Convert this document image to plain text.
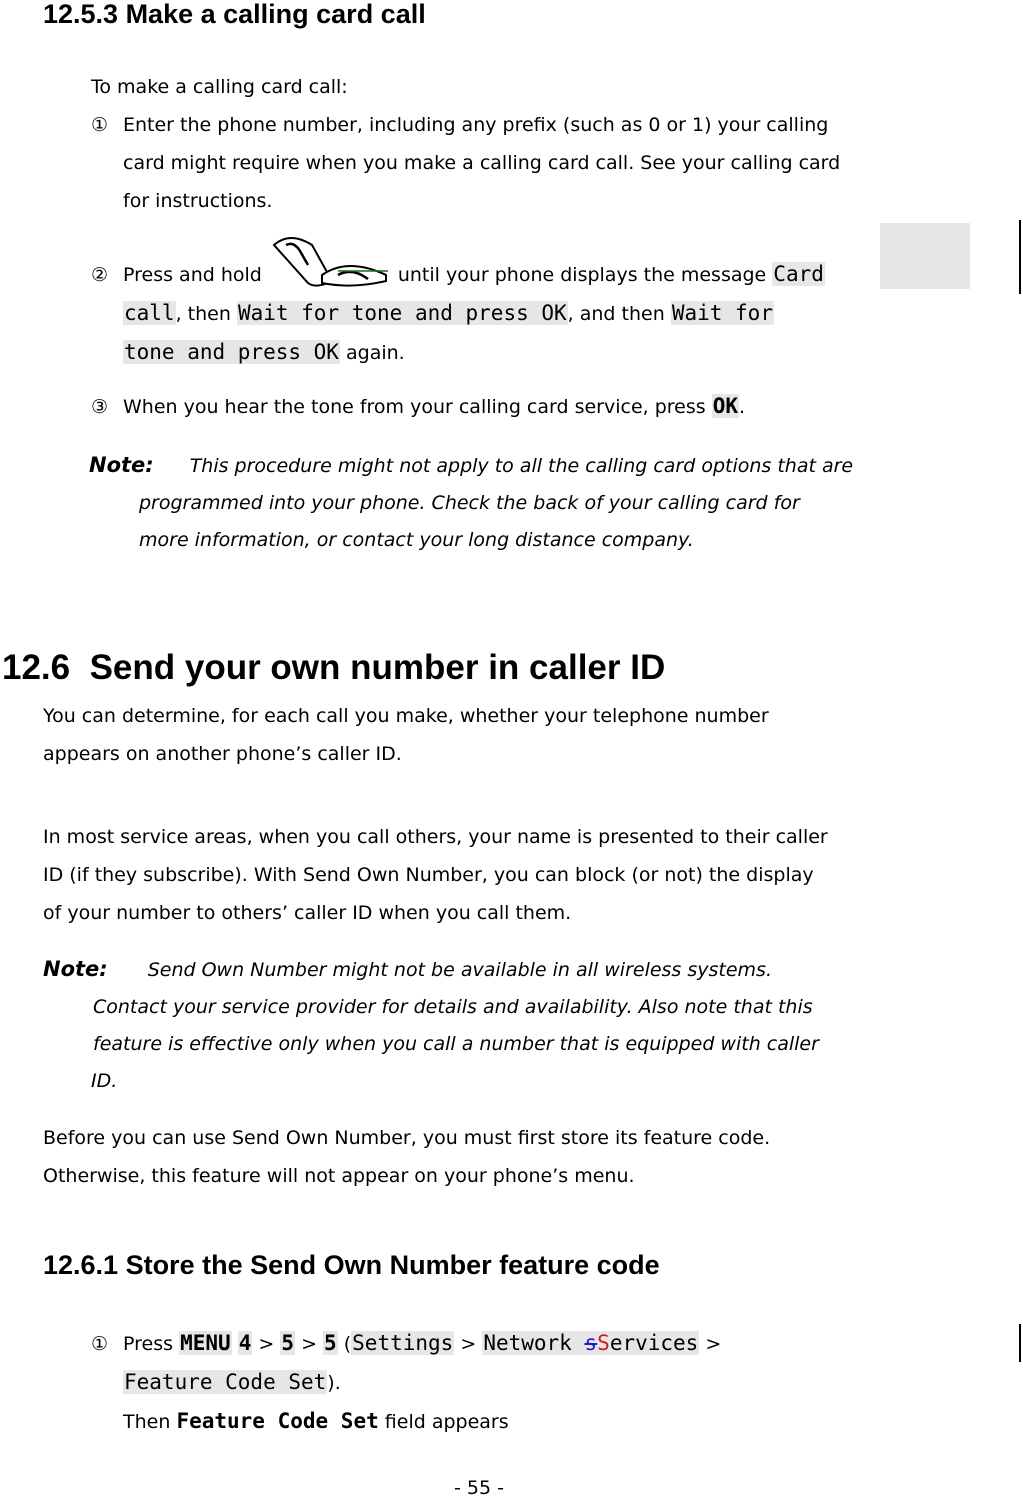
12.5.3 Make a calling card call
To make a calling card call:
① Enter the phone number, including any prefix (such as 0 or 1) your calling
card might require when you make a calling card call. See your calling card
for instructions.
② Press and hold	until your phone displays the message Card
call, then Wait for tone and press OK, and then Wait for
tone and press OK again.
③ When you hear the tone from your calling card service, press OK.
Note: This procedure might not apply to all the calling card options that are
programmed into your phone. Check the back of your calling card for
more information, or contact your long distance company.
12.6  Send your own number in caller ID
You can determine, for each call you make, whether your telephone number
appears on another phone’s caller ID.
In most service areas, when you call others, your name is presented to their caller
ID (if they subscribe). With Send Own Number, you can block (or not) the display
of your number to others’ caller ID when you call them.
Note: Send Own Number might not be available in all wireless systems.
Contact your service provider for details and availability. Also note that this
feature is effective only when you call a number that is equipped with caller
ID.
Before you can use Send Own Number, you must first store its feature code.
Otherwise, this feature will not appear on your phone’s menu.
12.6.1 Store the Send Own Number feature code
① Press MENU 4 > 5 > 5 (Settings > Network sServices >
Feature Code Set).
Then Feature Code Set field appears
- 55 -
